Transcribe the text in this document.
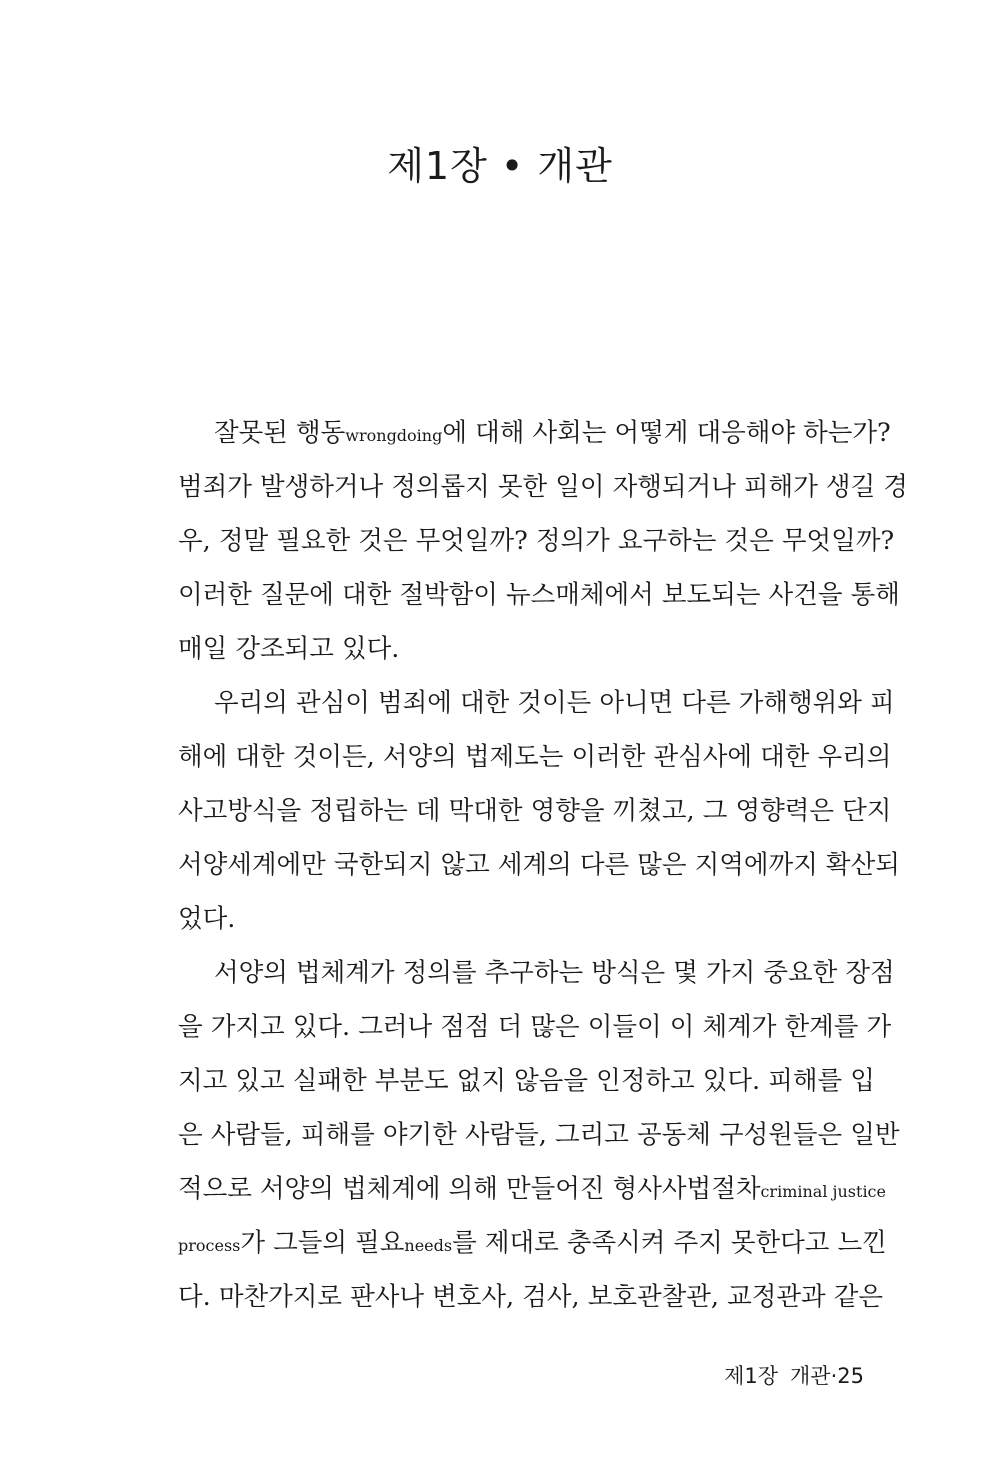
제1장 • 개관
잘못된 행동wrongdoing에 대해 사회는 어떻게 대응해야 하는가?
범죄가 발생하거나 정의롭지 못한 일이 자행되거나 피해가 생길 경
우, 정말 필요한 것은 무엇일까? 정의가 요구하는 것은 무엇일까?
이러한 질문에 대한 절박함이 뉴스매체에서 보도되는 사건을 통해
매일 강조되고 있다.
우리의 관심이 범죄에 대한 것이든 아니면 다른 가해행위와 피
해에 대한 것이든, 서양의 법제도는 이러한 관심사에 대한 우리의
사고방식을 정립하는 데 막대한 영향을 끼쳤고, 그 영향력은 단지
서양세계에만 국한되지 않고 세계의 다른 많은 지역에까지 확산되
었다.
서양의 법체계가 정의를 추구하는 방식은 몇 가지 중요한 장점
을 가지고 있다. 그러나 점점 더 많은 이들이 이 체계가 한계를 가
지고 있고 실패한 부분도 없지 않음을 인정하고 있다. 피해를 입
은 사람들, 피해를 야기한 사람들, 그리고 공동체 구성원들은 일반
적으로 서양의 법체계에 의해 만들어진 형사사법절차criminal justice
process가 그들의 필요needs를 제대로 충족시켜 주지 못한다고 느낀
다. 마찬가지로 판사나 변호사, 검사, 보호관찰관, 교정관과 같은
제1장 개관·25
